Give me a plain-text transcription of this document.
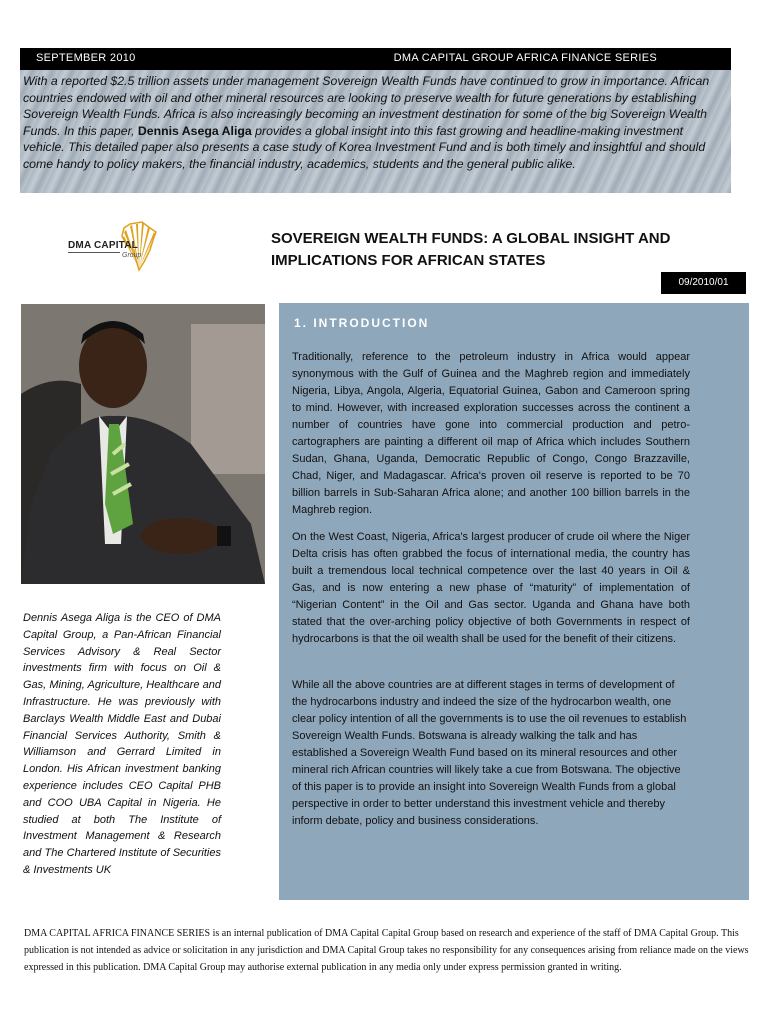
SEPTEMBER 2010	DMA CAPITAL GROUP AFRICA FINANCE SERIES

With a reported $2.5 trillion assets under management Sovereign Wealth Funds have continued to grow in importance. African countries endowed with oil and other mineral resources are looking to preserve wealth for future generations by establishing Sovereign Wealth Funds. Africa is also increasingly becoming an investment destination for some of the big Sovereign Wealth Funds. In this paper, Dennis Asega Aliga provides a global insight into this fast growing and headline-making investment vehicle. This detailed paper also presents a case study of Korea Investment Fund and is both timely and insightful and should come handy to policy makers, the financial industry, academics, students and the general public alike.

DMA CAPITAL
Group
SOVEREIGN WEALTH FUNDS: A GLOBAL INSIGHT AND
IMPLICATIONS FOR AFRICAN STATES
09/2010/01

Dennis Asega Aliga is the CEO of DMA Capital Group, a Pan-African Financial Services Advisory & Real Sector investments firm with focus on Oil & Gas, Mining, Agriculture, Healthcare and Infrastructure. He was previously with Barclays Wealth Middle East and Dubai Financial Services Authority, Smith & Williamson and Gerrard Limited in London. His African investment banking experience includes CEO Capital PHB and COO UBA Capital in Nigeria. He studied at both The Institute of Investment Management & Research and The Chartered Institute of Securities & Investments UK

1. INTRODUCTION

Traditionally, reference to the petroleum industry in Africa would appear synonymous with the Gulf of Guinea and the Maghreb region and immediately Nigeria, Libya, Angola, Algeria, Equatorial Guinea, Gabon and Cameroon spring to mind. However, with increased exploration successes across the continent a number of countries have gone into commercial production and petro-cartographers are painting a different oil map of Africa which includes Southern Sudan, Ghana, Uganda, Democratic Republic of Congo, Congo Brazzaville, Chad, Niger, and Madagascar. Africa's proven oil reserve is reported to be 70 billion barrels in Sub-Saharan Africa alone; and another 100 billion barrels in the Maghreb region.

On the West Coast, Nigeria, Africa's largest producer of crude oil where the Niger Delta crisis has often grabbed the focus of international media, the country has built a tremendous local technical competence over the last 40 years in Oil & Gas, and is now entering a new phase of “maturity” of implementation of “Nigerian Content” in the Oil and Gas sector. Uganda and Ghana have both stated that the over-arching policy objective of both Governments in respect of hydrocarbons is that the oil wealth shall be used for the benefit of their citizens.

While all the above countries are at different stages in terms of development of the hydrocarbons industry and indeed the size of the hydrocarbon wealth, one clear policy intention of all the governments is to use the oil revenues to establish Sovereign Wealth Funds. Botswana is already walking the talk and has established a Sovereign Wealth Fund based on its mineral resources and other mineral rich African countries will likely take a cue from Botswana. The objective of this paper is to provide an insight into Sovereign Wealth Funds from a global perspective in order to better understand this investment vehicle and thereby inform debate, policy and business considerations.

DMA CAPITAL AFRICA FINANCE SERIES is an internal publication of DMA Capital Capital Group based on research and experience of the staff of DMA Capital Group. This publication is not intended as advice or solicitation in any jurisdiction and DMA Capital Group takes no responsibility for any consequences arising from reliance made on the views expressed in this publication. DMA Capital Group may authorise external publication in any media only under express permission granted in writing.
